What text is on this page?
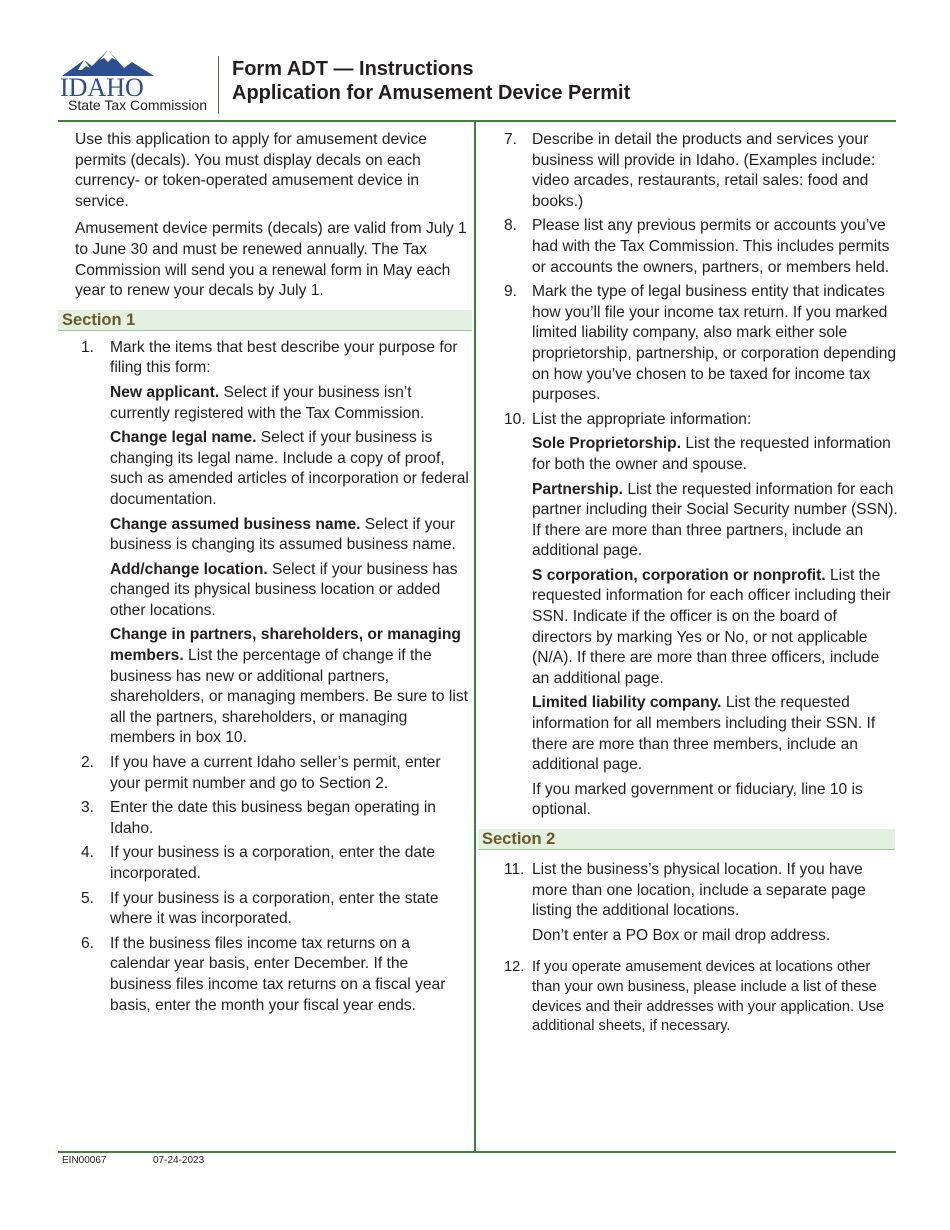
IDAHO
State Tax Commission
Form ADT — Instructions
Application for Amusement Device Permit

Use this application to apply for amusement device permits (decals). You must display decals on each currency- or token-operated amusement device in service.

Amusement device permits (decals) are valid from July 1 to June 30 and must be renewed annually. The Tax Commission will send you a renewal form in May each year to renew your decals by July 1.

Section 1
1.	Mark the items that best describe your purpose for filing this form:
New applicant. Select if your business isn’t currently registered with the Tax Commission.
Change legal name. Select if your business is changing its legal name. Include a copy of proof, such as amended articles of incorporation or federal documentation.
Change assumed business name. Select if your business is changing its assumed business name.
Add/change location. Select if your business has changed its physical business location or added other locations.
Change in partners, shareholders, or managing members. List the percentage of change if the business has new or additional partners, shareholders, or managing members. Be sure to list all the partners, shareholders, or managing members in box 10.
2.	If you have a current Idaho seller’s permit, enter your permit number and go to Section 2.
3.	Enter the date this business began operating in Idaho.
4.	If your business is a corporation, enter the date incorporated.
5.	If your business is a corporation, enter the state where it was incorporated.
6.	If the business files income tax returns on a calendar year basis, enter December. If the business files income tax returns on a fiscal year basis, enter the month your fiscal year ends.
7. Describe in detail the products and services your business will provide in Idaho. (Examples include: video arcades, restaurants, retail sales: food and books.)
8. Please list any previous permits or accounts you’ve had with the Tax Commission. This includes permits or accounts the owners, partners, or members held.
9. Mark the type of legal business entity that indicates how you’ll file your income tax return. If you marked limited liability company, also mark either sole proprietorship, partnership, or corporation depending on how you’ve chosen to be taxed for income tax purposes.
10. List the appropriate information:
Sole Proprietorship. List the requested information for both the owner and spouse.
Partnership. List the requested information for each partner including their Social Security number (SSN). If there are more than three partners, include an additional page.
S corporation, corporation or nonprofit. List the requested information for each officer including their SSN. Indicate if the officer is on the board of directors by marking Yes or No, or not applicable (N/A). If there are more than three officers, include an additional page.
Limited liability company. List the requested information for all members including their SSN. If there are more than three members, include an additional page.
If you marked government or fiduciary, line 10 is optional.
Section 2
11. List the business’s physical location. If you have more than one location, include a separate page listing the additional locations.
Don’t enter a PO Box or mail drop address.
12. If you operate amusement devices at locations other than your own business, please include a list of these devices and their addresses with your application. Use additional sheets, if necessary.
EIN00067	07-24-2023
